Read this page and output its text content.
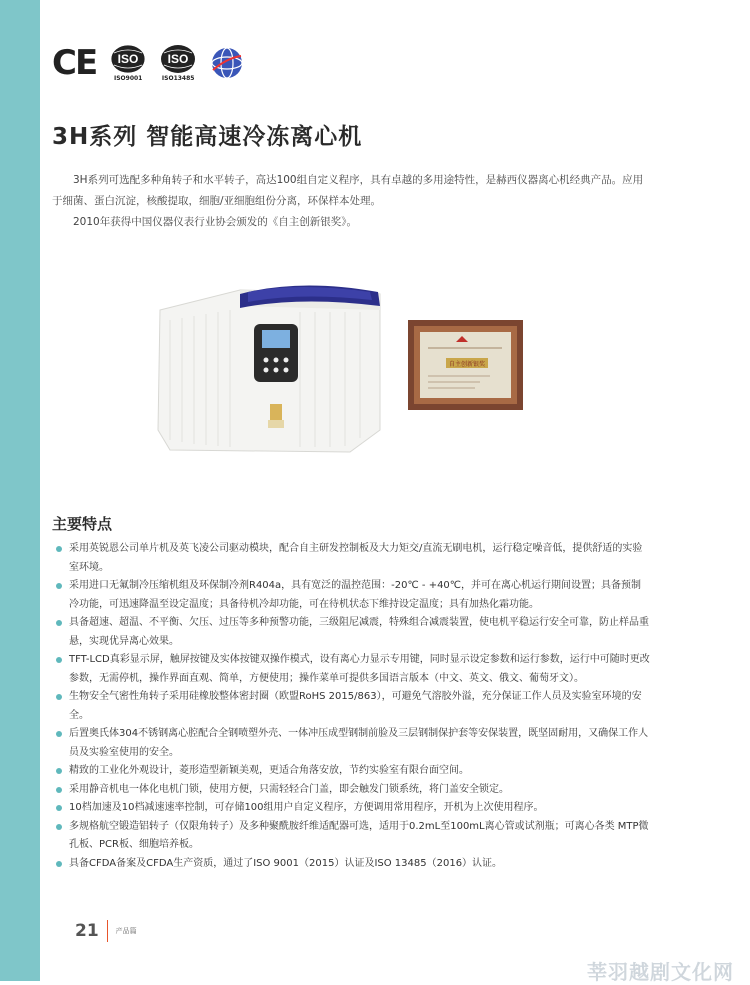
CE ISO
ISO9001
ISO
ISO13485
3H系列 智能高速冷冻离心机

3H系列可选配多种角转子和水平转子，高达100组自定义程序，具有卓越的多用途特性，是赫西仪器离心机经典产品。应用于细菌、蛋白沉淀，核酸提取，细胞/亚细胞组份分离，环保样本处理。

2010年获得中国仪器仪表行业协会颁发的《自主创新银奖》。

自主创新银奖
主要特点
采用英锐恩公司单片机及英飞凌公司驱动模块，配合自主研发控制板及大力矩交/直流无刷电机，运行稳定噪音低，提供舒适的实验室环境。
采用进口无氟制冷压缩机组及环保制冷剂R404a，具有宽泛的温控范围：-20℃ - +40℃，并可在离心机运行期间设置；具备预制冷功能，可迅速降温至设定温度；具备待机冷却功能，可在待机状态下维持设定温度；具有加热化霜功能。
具备超速、超温、不平衡、欠压、过压等多种预警功能，三级阻尼减震，特殊组合减震装置，使电机平稳运行安全可靠，防止样品重悬，实现优异离心效果。
TFT-LCD真彩显示屏，触屏按键及实体按键双操作模式，设有离心力显示专用键，同时显示设定参数和运行参数，运行中可随时更改参数，无需停机，操作界面直观、简单，方便使用；操作菜单可提供多国语言版本（中文、英文、俄文、葡萄牙文）。
生物安全气密性角转子采用硅橡胶整体密封圈（欧盟RoHS 2015/863），可避免气溶胶外溢，充分保证工作人员及实验室环境的安全。
后置奥氏体304不锈钢离心腔配合全钢喷塑外壳、一体冲压成型钢制前脸及三层钢制保护套等安保装置，既坚固耐用，又确保工作人员及实验室使用的安全。
精致的工业化外观设计，菱形造型新颖美观，更适合角落安放，节约实验室有限台面空间。
采用静音机电一体化电机门锁，使用方便，只需轻轻合门盖，即会触发门锁系统，将门盖安全锁定。
10档加速及10档减速速率控制，可存储100组用户自定义程序，方便调用常用程序，开机为上次使用程序。
多规格航空锻造铝转子（仅限角转子）及多种聚酰胺纤维适配器可选，适用于0.2mL至100mL离心管或试剂瓶；可离心各类 MTP微孔板、PCR板、细胞培养板。
具备CFDA备案及CFDA生产资质，通过了ISO 9001（2015）认证及ISO 13485（2016）认证。
21 产品篇
莘羽越剧文化网
